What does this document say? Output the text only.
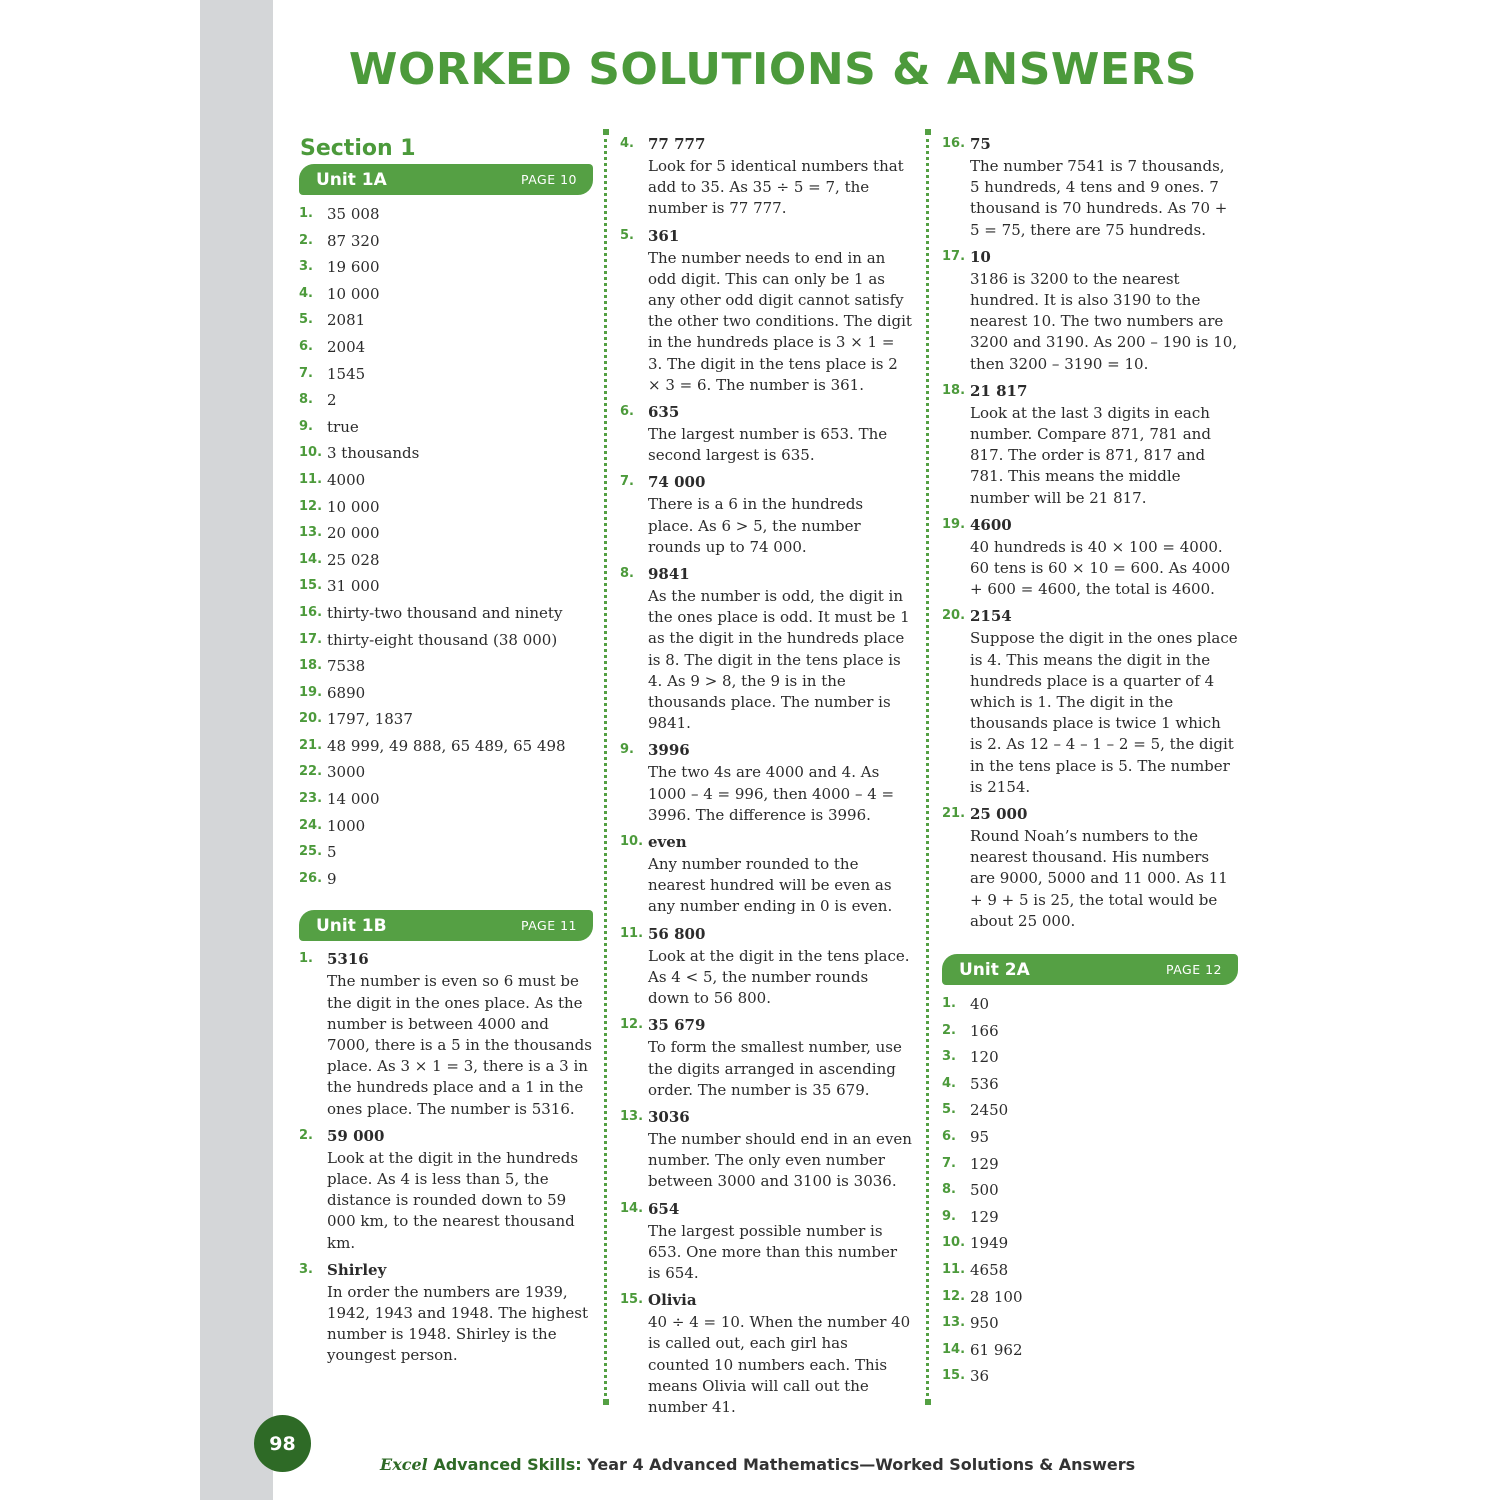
WORKED SOLUTIONS & ANSWERS
Section 1
Unit 1A	PAGE 10
1. 35 008
2. 87 320
3. 19 600
4. 10 000
5. 2081
6. 2004
7. 1545
8. 2
9. true
10. 3 thousands
11. 4000
12. 10 000
13. 20 000
14. 25 028
15. 31 000
16. thirty-two thousand and ninety
17. thirty-eight thousand (38 000)
18. 7538
19. 6890
20. 1797, 1837
21. 48 999, 49 888, 65 489, 65 498
22. 3000
23. 14 000
24. 1000
25. 5
26. 9
Unit 1B	PAGE 11
1. 5316
The number is even so 6 must be the digit in the ones place. As the number is between 4000 and 7000, there is a 5 in the thousands place. As 3 × 1 = 3, there is a 3 in the hundreds place and a 1 in the ones place. The number is 5316.
2. 59 000
Look at the digit in the hundreds place. As 4 is less than 5, the distance is rounded down to 59 000 km, to the nearest thousand km.
3. Shirley
In order the numbers are 1939, 1942, 1943 and 1948. The highest number is 1948. Shirley is the youngest person.
4. 77 777
Look for 5 identical numbers that add to 35. As 35 ÷ 5 = 7, the number is 77 777.
5. 361
The number needs to end in an odd digit. This can only be 1 as any other odd digit cannot satisfy the other two conditions. The digit in the hundreds place is 3 × 1 = 3. The digit in the tens place is 2 × 3 = 6. The number is 361.
6. 635
The largest number is 653. The second largest is 635.
7. 74 000
There is a 6 in the hundreds place. As 6 > 5, the number rounds up to 74 000.
8. 9841
As the number is odd, the digit in the ones place is odd. It must be 1 as the digit in the hundreds place is 8. The digit in the tens place is 4. As 9 > 8, the 9 is in the thousands place. The number is 9841.
9. 3996
The two 4s are 4000 and 4. As 1000 – 4 = 996, then 4000 – 4 = 3996. The difference is 3996.
10. even
Any number rounded to the nearest hundred will be even as any number ending in 0 is even.
11. 56 800
Look at the digit in the tens place. As 4 < 5, the number rounds down to 56 800.
12. 35 679
To form the smallest number, use the digits arranged in ascending order. The number is 35 679.
13. 3036
The number should end in an even number. The only even number between 3000 and 3100 is 3036.
14. 654
The largest possible number is 653. One more than this number is 654.
15. Olivia
40 ÷ 4 = 10. When the number 40 is called out, each girl has counted 10 numbers each. This means Olivia will call out the number 41.
16. 75
The number 7541 is 7 thousands, 5 hundreds, 4 tens and 9 ones. 7 thousand is 70 hundreds. As 70 + 5 = 75, there are 75 hundreds.
17. 10
3186 is 3200 to the nearest hundred. It is also 3190 to the nearest 10. The two numbers are 3200 and 3190. As 200 – 190 is 10, then 3200 – 3190 = 10.
18. 21 817
Look at the last 3 digits in each number. Compare 871, 781 and 817. The order is 871, 817 and 781. This means the middle number will be 21 817.
19. 4600
40 hundreds is 40 × 100 = 4000. 60 tens is 60 × 10 = 600. As 4000 + 600 = 4600, the total is 4600.
20. 2154
Suppose the digit in the ones place is 4. This means the digit in the hundreds place is a quarter of 4 which is 1. The digit in the thousands place is twice 1 which is 2. As 12 – 4 – 1 – 2 = 5, the digit in the tens place is 5. The number is 2154.
21. 25 000
Round Noah’s numbers to the nearest thousand. His numbers are 9000, 5000 and 11 000. As 11 + 9 + 5 is 25, the total would be about 25 000.
Unit 2A	PAGE 12
1. 40
2. 166
3. 120
4. 536
5. 2450
6. 95
7. 129
8. 500
9. 129
10. 1949
11. 4658
12. 28 100
13. 950
14. 61 962
15. 36
98
Excel Advanced Skills: Year 4 Advanced Mathematics—Worked Solutions & Answers
